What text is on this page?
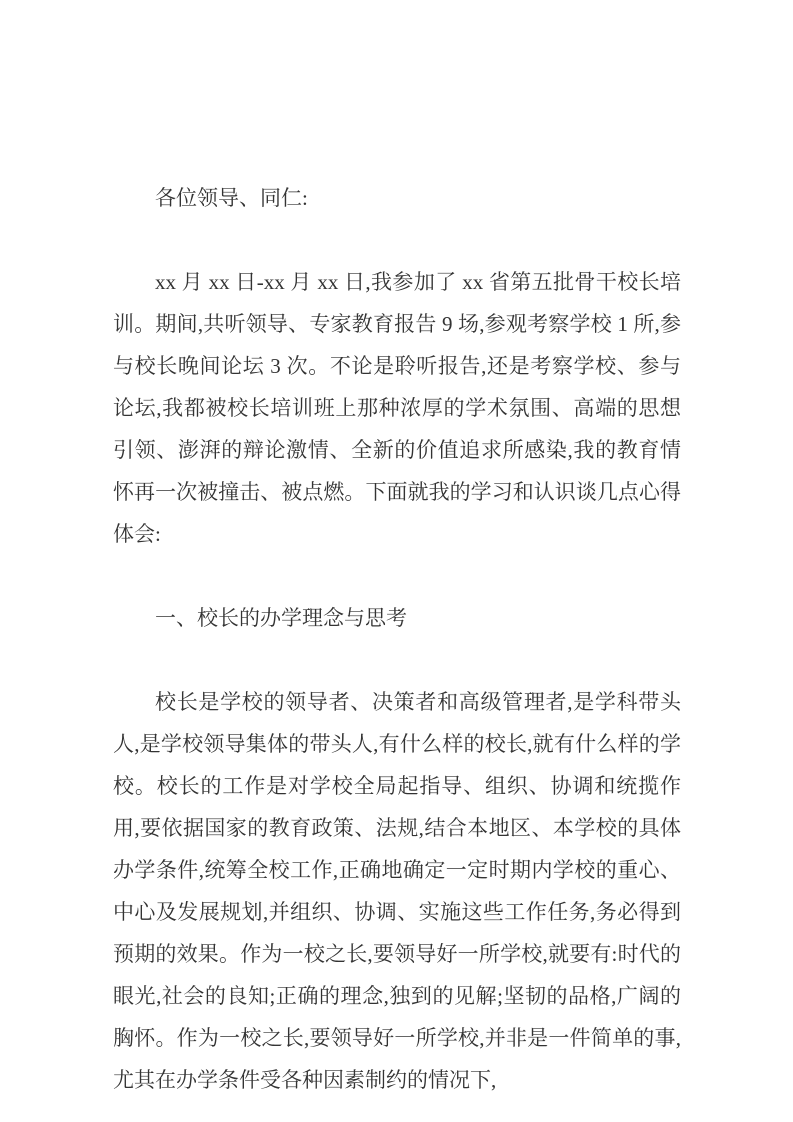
各位领导、同仁:

xx 月 xx 日-xx 月 xx 日,我参加了 xx 省第五批骨干校长培训。期间,共听领导、专家教育报告 9 场,参观考察学校 1 所,参与校长晚间论坛 3 次。不论是聆听报告,还是考察学校、参与论坛,我都被校长培训班上那种浓厚的学术氛围、高端的思想引领、澎湃的辩论激情、全新的价值追求所感染,我的教育情怀再一次被撞击、被点燃。下面就我的学习和认识谈几点心得体会:

一、校长的办学理念与思考

校长是学校的领导者、决策者和高级管理者,是学科带头人,是学校领导集体的带头人,有什么样的校长,就有什么样的学校。校长的工作是对学校全局起指导、组织、协调和统揽作用,要依据国家的教育政策、法规,结合本地区、本学校的具体办学条件,统筹全校工作,正确地确定一定时期内学校的重心、中心及发展规划,并组织、协调、实施这些工作任务,务必得到预期的效果。作为一校之长,要领导好一所学校,就要有:时代的眼光,社会的良知;正确的理念,独到的见解;坚韧的品格,广阔的胸怀。作为一校之长,要领导好一所学校,并非是一件简单的事,尤其在办学条件受各种因素制约的情况下,
